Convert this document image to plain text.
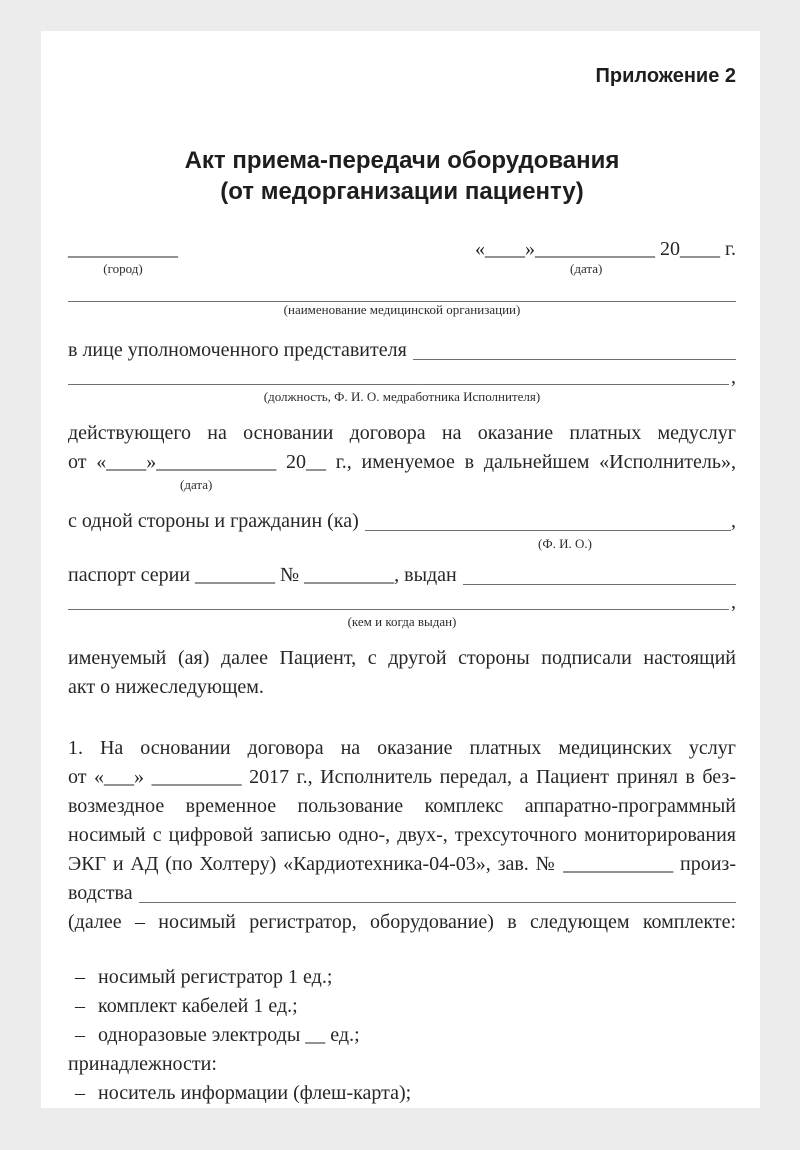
Приложение 2
Акт приема-передачи оборудования
(от медорганизации пациенту)
___________
(город)
«____»____________ 20____ г.
(дата)
(наименование медицинской организации)
в лице уполномоченного представителя
,
(должность, Ф. И. О. медработника Исполнителя)
действующего на основании договора на оказание платных медуслуг
от «____»____________ 20__ г., именуемое в дальнейшем «Исполнитель»,
(дата)
с одной стороны и гражданин (ка)	,
(Ф. И. О.)
паспорт серии ________ № _________, выдан
,
(кем и когда выдан)
именуемый (ая) далее Пациент, с другой стороны подписали настоящий
акт о нижеследующем.
1. На основании договора на оказание платных медицинских услуг
от «___» _________ 2017 г., Исполнитель передал, а Пациент принял в без-
возмездное временное пользование комплекс аппаратно-программный
носимый с цифровой записью одно-, двух-, трехсуточного мониторирования
ЭКГ и АД (по Холтеру) «Кардиотехника-04-03», зав. № ___________ произ-
водства
(далее – носимый регистратор, оборудование) в следующем комплекте:
– носимый регистратор 1 ед.;
– комплект кабелей 1 ед.;
– одноразовые электроды __ ед.;
принадлежности:
– носитель информации (флеш-карта);
